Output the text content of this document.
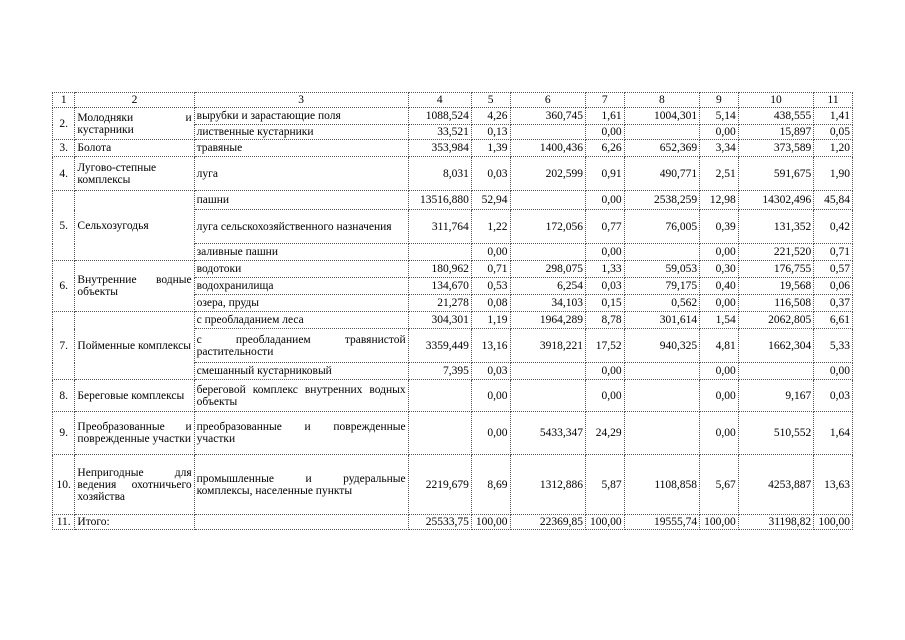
1	2	3	4	5	6	7	8	9	10	11
2.	Молодняки и кустарники	вырубки и зарастающие поля	1088,524	4,26	360,745	1,61	1004,301	5,14	438,555	1,41
		лиственные кустарники	33,521	0,13		0,00		0,00	15,897	0,05
3.	Болота	травяные	353,984	1,39	1400,436	6,26	652,369	3,34	373,589	1,20
4.	Лугово-степные комплексы	луга	8,031	0,03	202,599	0,91	490,771	2,51	591,675	1,90
5.	Сельхозугодья	пашни	13516,880	52,94		0,00	2538,259	12,98	14302,496	45,84
		луга сельскохозяйственного назначения	311,764	1,22	172,056	0,77	76,005	0,39	131,352	0,42
		заливные пашни		0,00		0,00		0,00	221,520	0,71
6.	Внутренние водные объекты	водотоки	180,962	0,71	298,075	1,33	59,053	0,30	176,755	0,57
		водохранилища	134,670	0,53	6,254	0,03	79,175	0,40	19,568	0,06
		озера, пруды	21,278	0,08	34,103	0,15	0,562	0,00	116,508	0,37
7.	Пойменные комплексы	с преобладанием леса	304,301	1,19	1964,289	8,78	301,614	1,54	2062,805	6,61
		с преобладанием травянистой растительности	3359,449	13,16	3918,221	17,52	940,325	4,81	1662,304	5,33
		смешанный кустарниковый	7,395	0,03		0,00		0,00		0,00
8.	Береговые комплексы	береговой комплекс внутренних водных объекты		0,00		0,00		0,00	9,167	0,03
9.	Преобразованные и поврежденные участки	преобразованные и поврежденные участки		0,00	5433,347	24,29		0,00	510,552	1,64
10.	Непригодные для ведения охотничьего хозяйства	промышленные и рудеральные комплексы, населенные пункты	2219,679	8,69	1312,886	5,87	1108,858	5,67	4253,887	13,63
11.	Итого:		25533,75	100,00	22369,85	100,00	19555,74	100,00	31198,82	100,00
